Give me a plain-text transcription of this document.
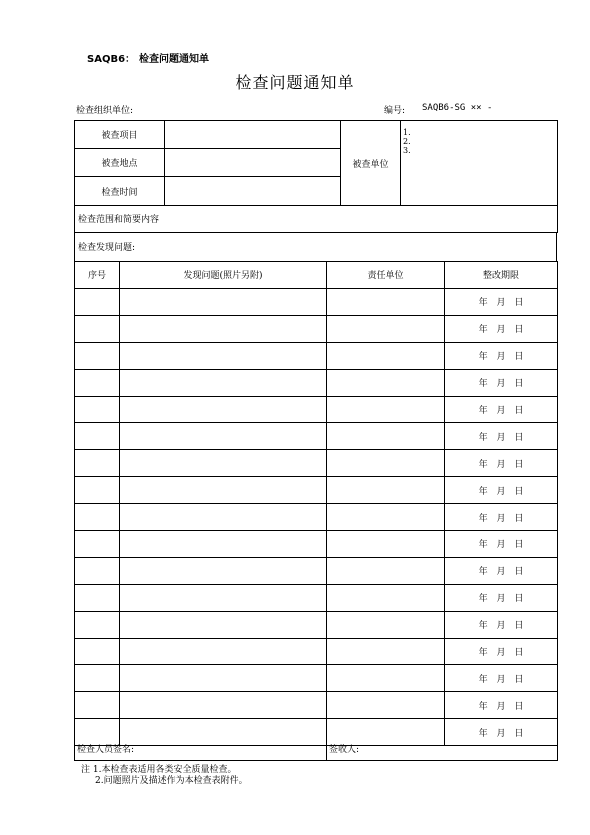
SAQB6： 检查问题通知单
检查问题通知单
检查组织单位:	编号: SAQB6-SG ×× -
被查项目		被查单位	1.
2.
3.

被查地点			
检查时间			
检查范围和简要内容	
检查发现问题:
序号	发现问题(照片另附)	责任单位	整改期限
			年 月 日
			年 月 日
			年 月 日
			年 月 日
			年 月 日
			年 月 日
			年 月 日
			年 月 日
			年 月 日
			年 月 日
			年 月 日
			年 月 日
			年 月 日
			年 月 日
			年 月 日
			年 月 日
			年 月 日
检查人员签名:	签收人:
注 1.本检查表适用各类安全质量检查。
2.问题照片及描述作为本检查表附件。
